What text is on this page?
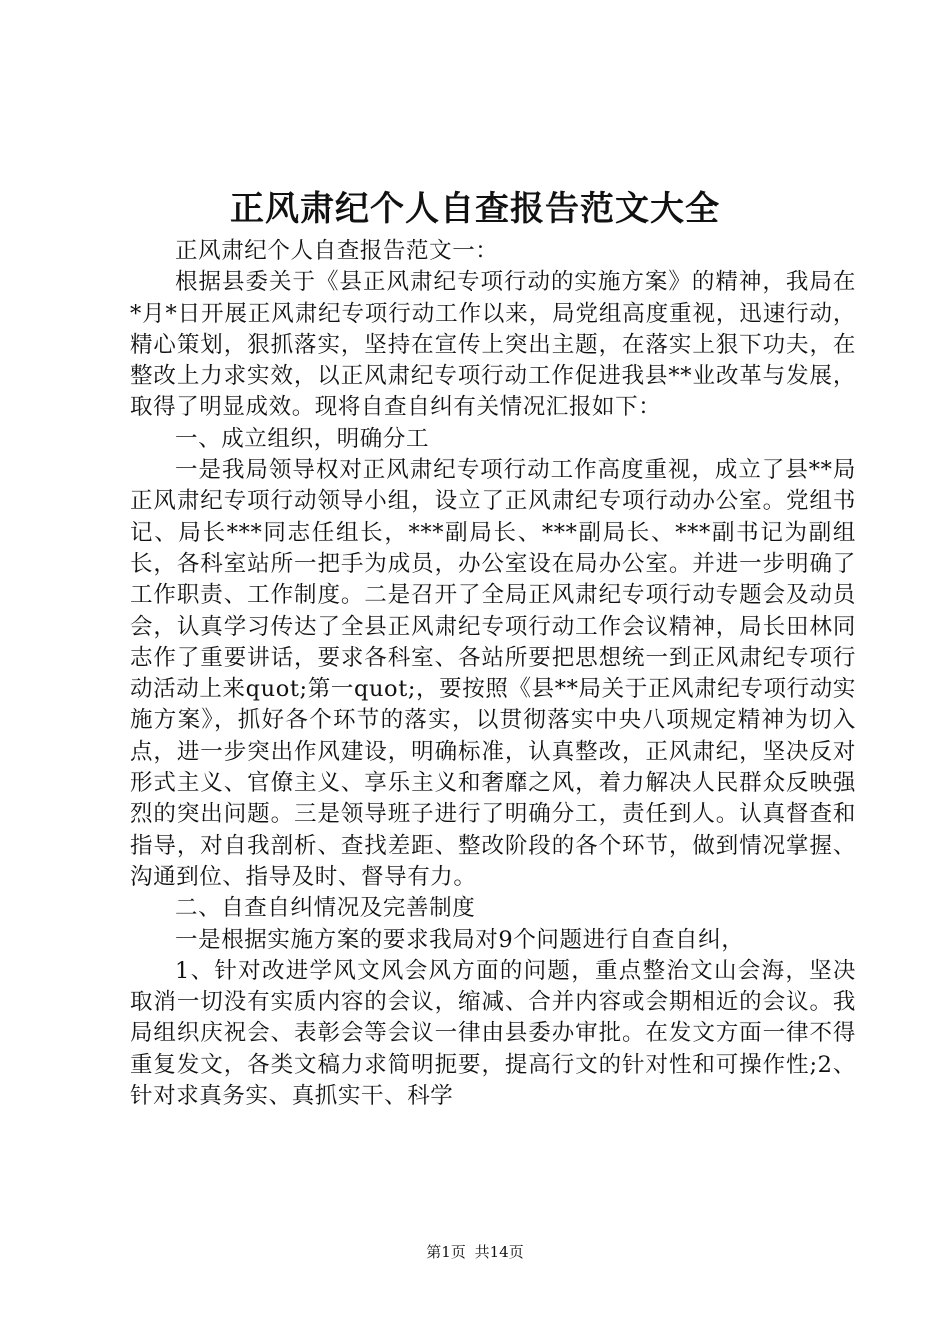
正风肃纪个人自查报告范文大全

正风肃纪个人自查报告范文一：

根据县委关于《县正风肃纪专项行动的实施方案》的精神，我局在*月*日开展正风肃纪专项行动工作以来，局党组高度重视，迅速行动，精心策划，狠抓落实，坚持在宣传上突出主题，在落实上狠下功夫，在整改上力求实效，以正风肃纪专项行动工作促进我县**业改革与发展，取得了明显成效。现将自查自纠有关情况汇报如下：

一、成立组织，明确分工

一是我局领导权对正风肃纪专项行动工作高度重视，成立了县**局正风肃纪专项行动领导小组，设立了正风肃纪专项行动办公室。党组书记、局长***同志任组长，***副局长、***副局长、***副书记为副组长，各科室站所一把手为成员，办公室设在局办公室。并进一步明确了工作职责、工作制度。二是召开了全局正风肃纪专项行动专题会及动员会，认真学习传达了全县正风肃纪专项行动工作会议精神，局长田林同志作了重要讲话，要求各科室、各站所要把思想统一到正风肃纪专项行动活动上来quot;第一quot;，要按照《县**局关于正风肃纪专项行动实施方案》，抓好各个环节的落实，以贯彻落实中央八项规定精神为切入点，进一步突出作风建设，明确标准，认真整改，正风肃纪，坚决反对形式主义、官僚主义、享乐主义和奢靡之风，着力解决人民群众反映强烈的突出问题。三是领导班子进行了明确分工，责任到人。认真督查和指导，对自我剖析、查找差距、整改阶段的各个环节，做到情况掌握、沟通到位、指导及时、督导有力。

二、自查自纠情况及完善制度

一是根据实施方案的要求我局对9个问题进行自查自纠，

1、针对改进学风文风会风方面的问题，重点整治文山会海，坚决取消一切没有实质内容的会议，缩减、合并内容或会期相近的会议。我局组织庆祝会、表彰会等会议一律由县委办审批。在发文方面一律不得重复发文，各类文稿力求简明扼要，提高行文的针对性和可操作性;2、针对求真务实、真抓实干、科学

第1页 共14页
